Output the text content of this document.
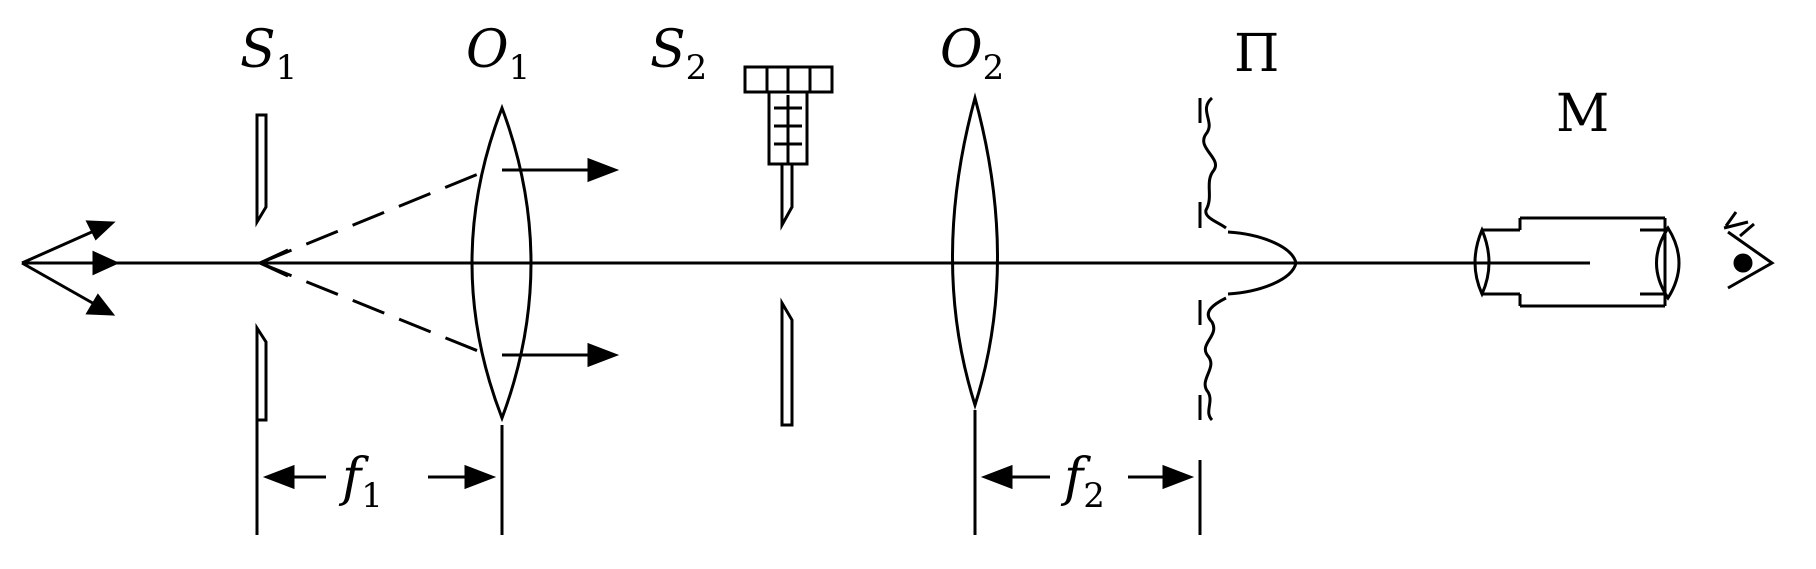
$S_1$	$O_1$ $S_2$	$O_2$	Π
M
$f_1$	$f_2$
